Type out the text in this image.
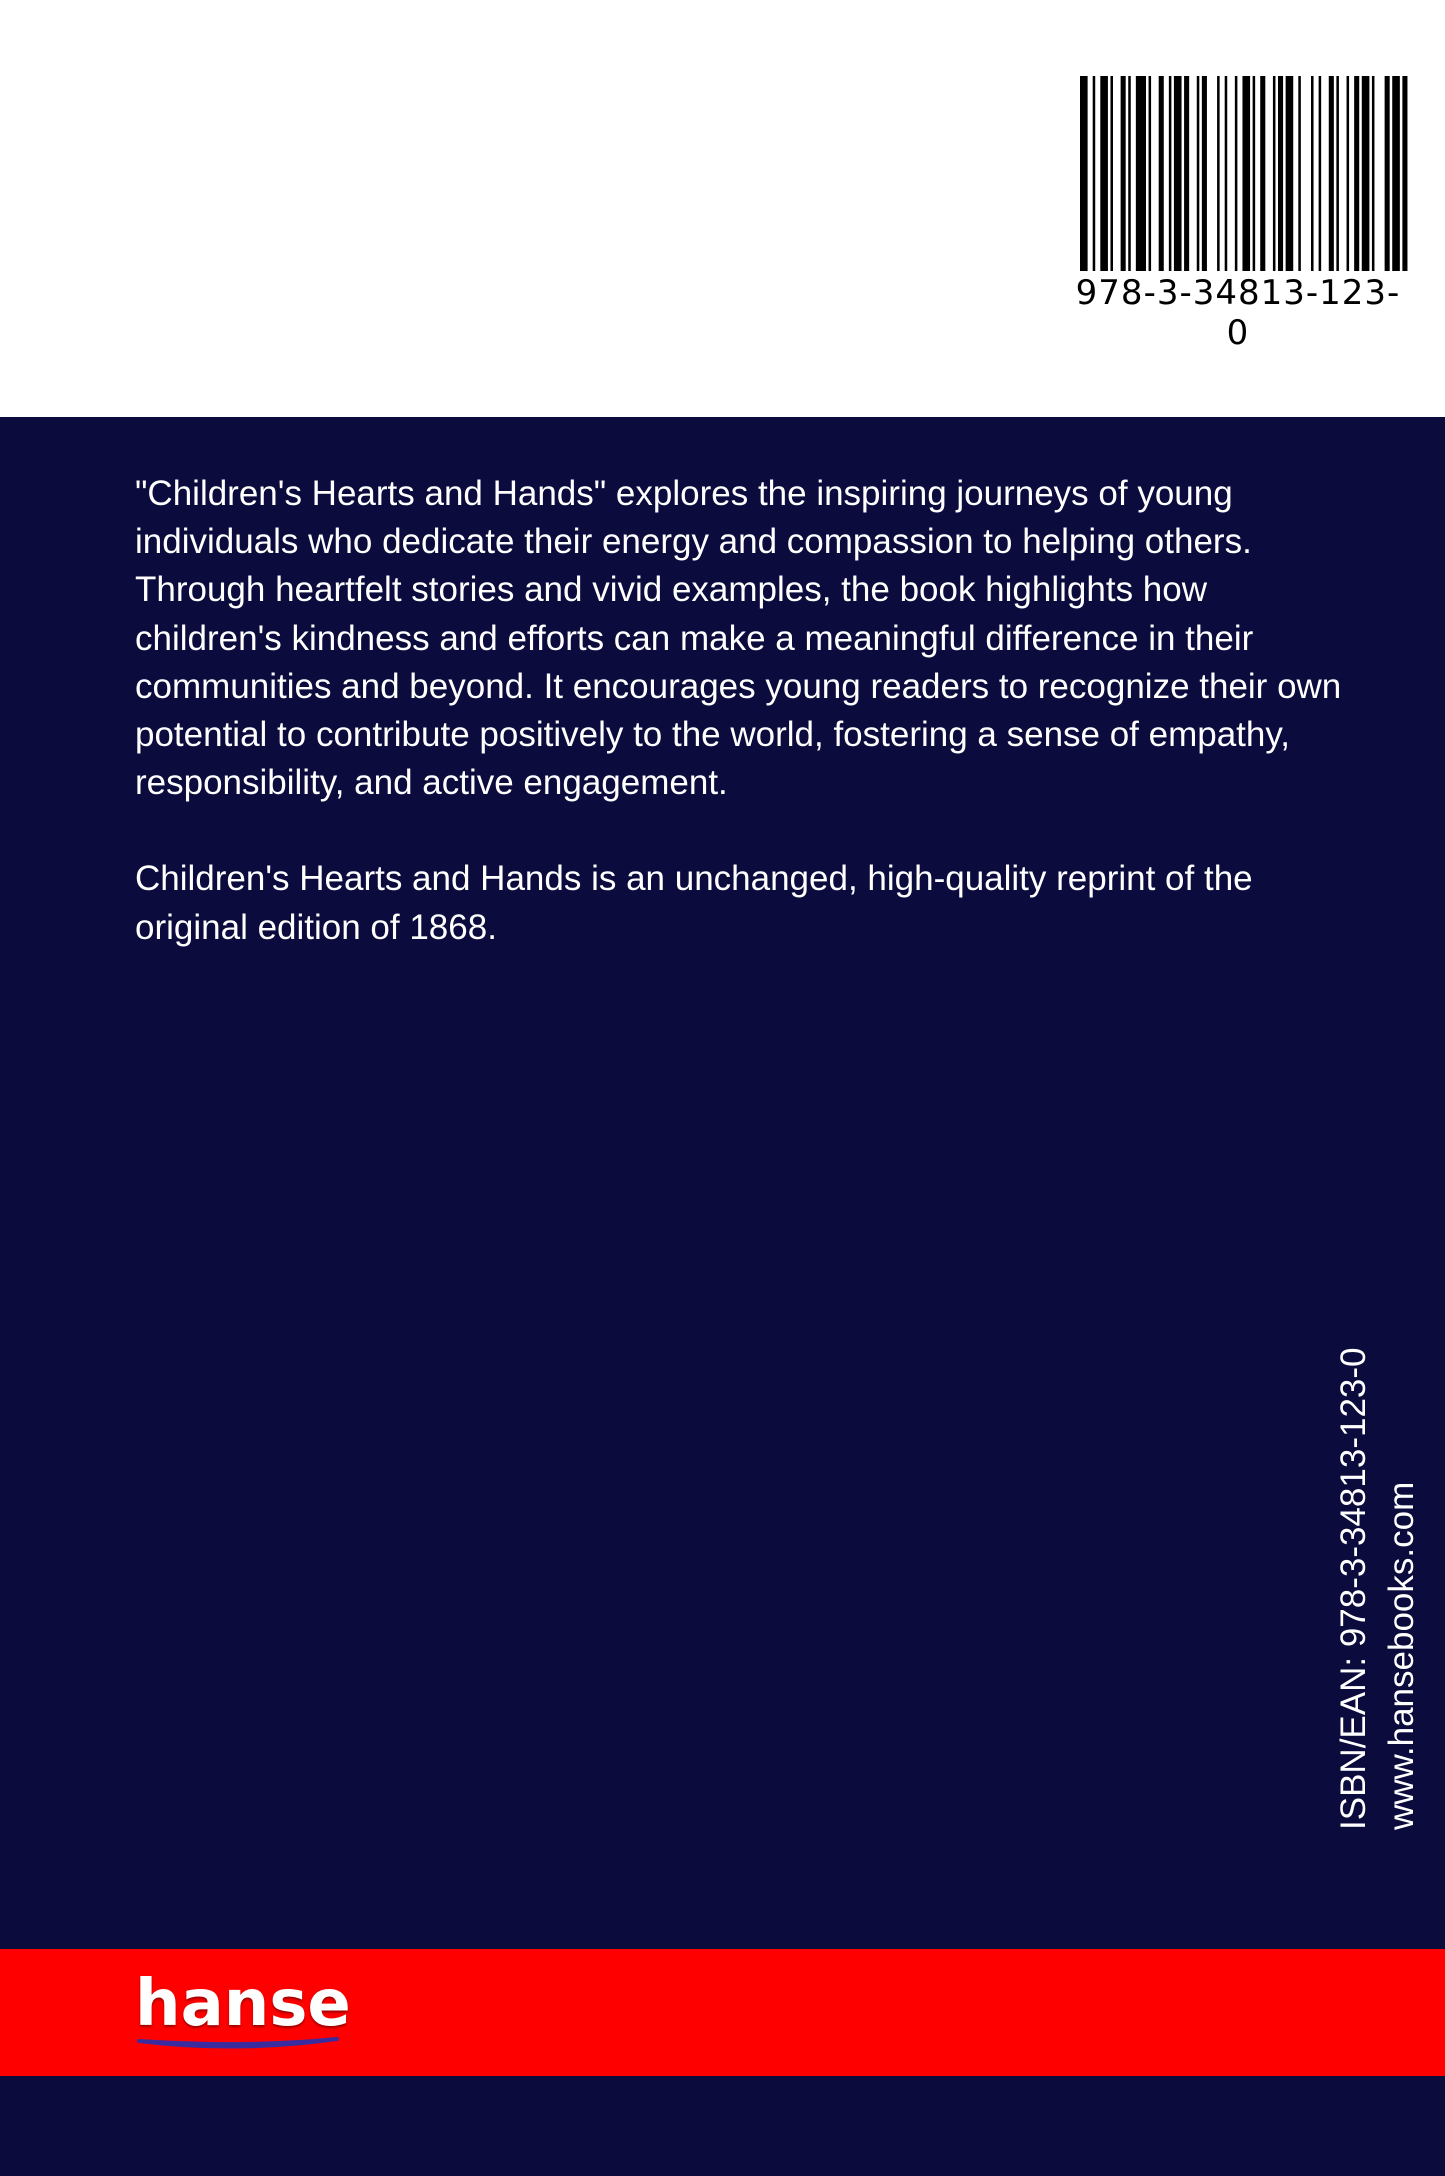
978-3-34813-123-0

"Children's Hearts and Hands" explores the inspiring journeys of young individuals who dedicate their energy and compassion to helping others. Through heartfelt stories and vivid examples, the book highlights how children's kindness and efforts can make a meaningful difference in their communities and beyond. It encourages young readers to recognize their own potential to contribute positively to the world, fostering a sense of empathy, responsibility, and active engagement.

Children's Hearts and Hands is an unchanged, high-quality reprint of the original edition of 1868.

ISBN/EAN: 978-3-34813-123-0 www.hansebooks.com
hanse
